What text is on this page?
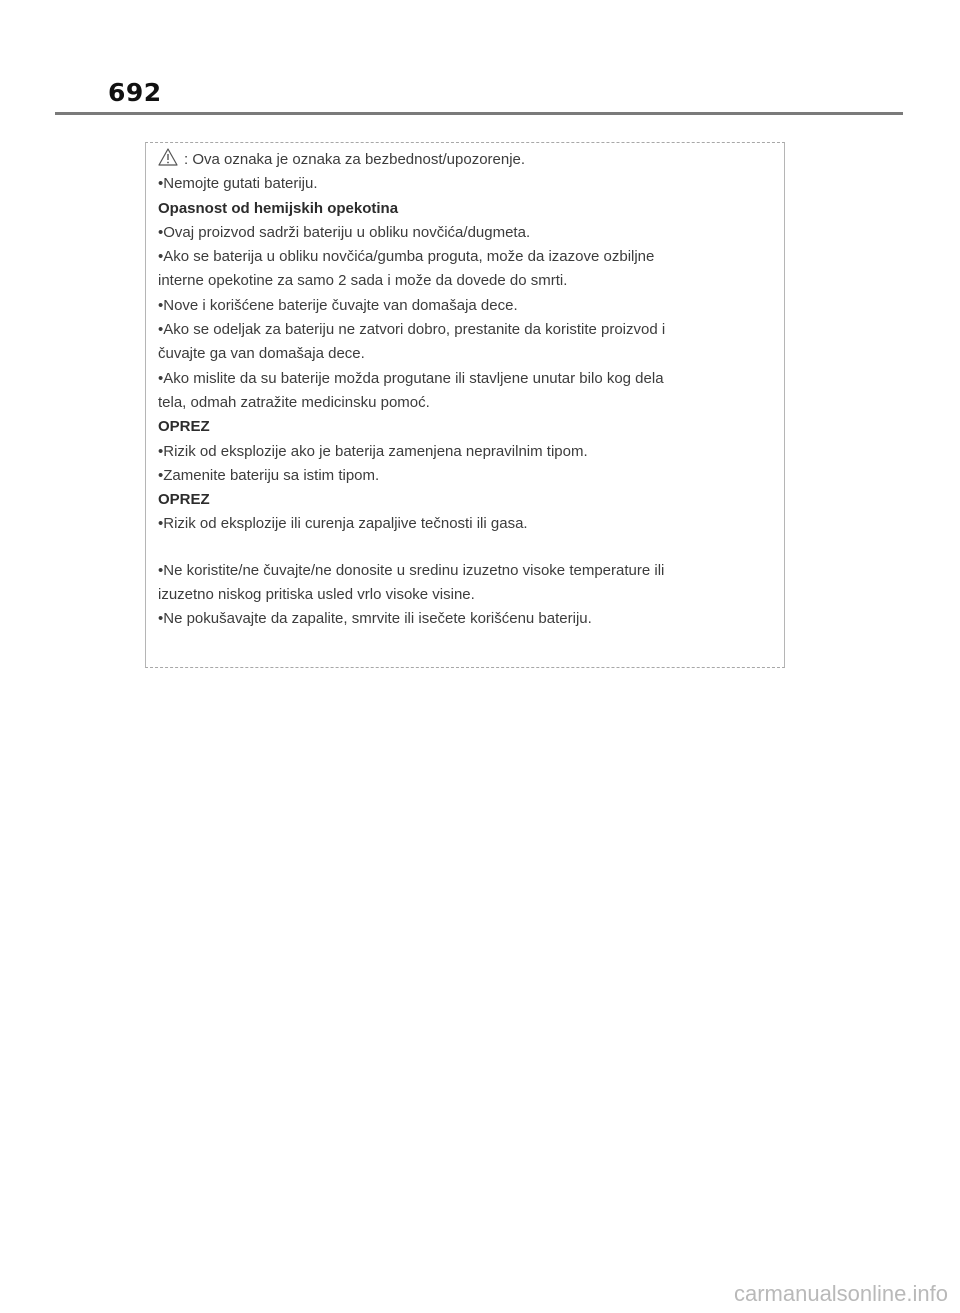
692
: Ova oznaka je oznaka za bezbednost/upozorenje.
•Nemojte gutati bateriju.
Opasnost od hemijskih opekotina
•Ovaj proizvod sadrži bateriju u obliku novčića/dugmeta.
•Ako se baterija u obliku novčića/gumba proguta, može da izazove ozbiljne
interne opekotine za samo 2 sada i može da dovede do smrti.
•Nove i korišćene baterije čuvajte van domašaja dece.
•Ako se odeljak za bateriju ne zatvori dobro, prestanite da koristite proizvod i
čuvajte ga van domašaja dece.
•Ako mislite da su baterije možda progutane ili stavljene unutar bilo kog dela
tela, odmah zatražite medicinsku pomoć.
OPREZ
•Rizik od eksplozije ako je baterija zamenjena nepravilnim tipom.
•Zamenite bateriju sa istim tipom.
OPREZ
•Rizik od eksplozije ili curenja zapaljive tečnosti ili gasa.
•Ne koristite/ne čuvajte/ne donosite u sredinu izuzetno visoke temperature ili
izuzetno niskog pritiska usled vrlo visoke visine.
•Ne pokušavajte da zapalite, smrvite ili isečete korišćenu bateriju.
carmanualsonline.info
